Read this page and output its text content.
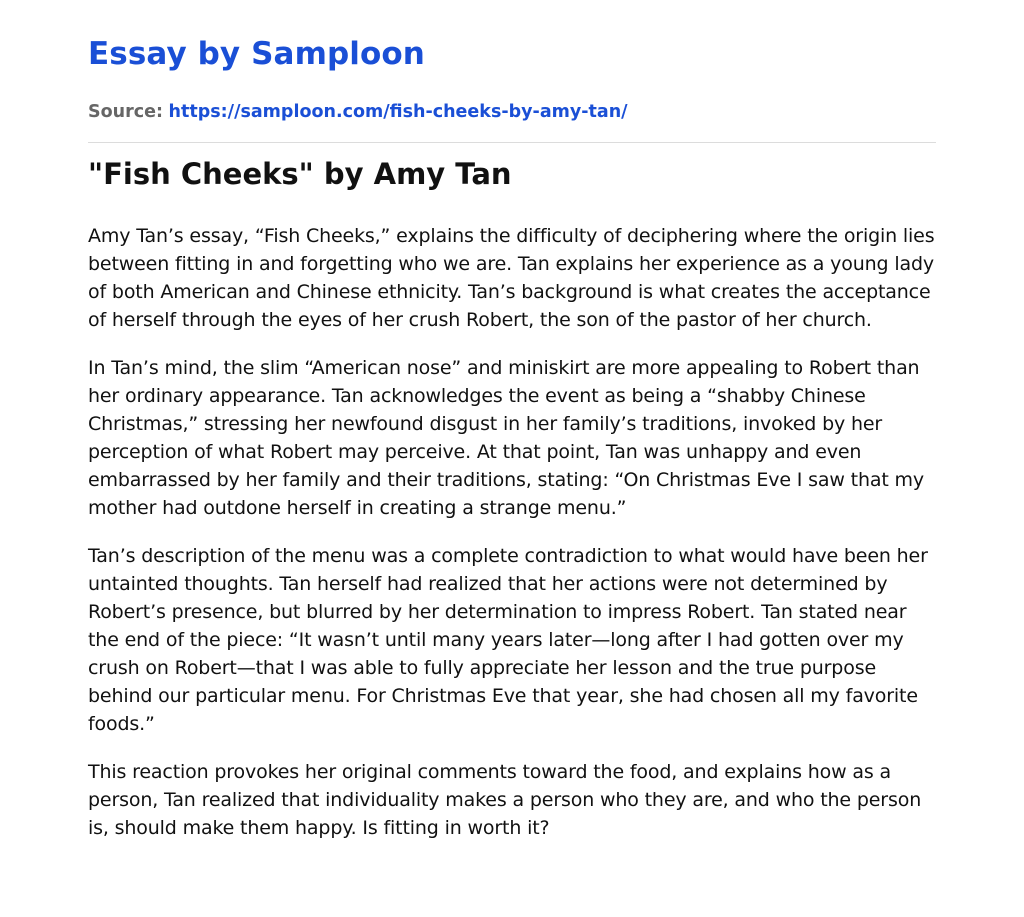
Essay by Samploon
Source: https://samploon.com/fish-cheeks-by-amy-tan/
"Fish Cheeks" by Amy Tan

Amy Tan’s essay, “Fish Cheeks,” explains the difficulty of deciphering where the origin lies between fitting in and forgetting who we are. Tan explains her experience as a young lady of both American and Chinese ethnicity. Tan’s background is what creates the acceptance of herself through the eyes of her crush Robert, the son of the pastor of her church.

In Tan’s mind, the slim “American nose” and miniskirt are more appealing to Robert than her ordinary appearance. Tan acknowledges the event as being a “shabby Chinese Christmas,” stressing her newfound disgust in her family’s traditions, invoked by her perception of what Robert may perceive. At that point, Tan was unhappy and even embarrassed by her family and their traditions, stating: “On Christmas Eve I saw that my mother had outdone herself in creating a strange menu.”

Tan’s description of the menu was a complete contradiction to what would have been her untainted thoughts. Tan herself had realized that her actions were not determined by Robert’s presence, but blurred by her determination to impress Robert. Tan stated near the end of the piece: “It wasn’t until many years later—long after I had gotten over my crush on Robert—that I was able to fully appreciate her lesson and the true purpose behind our particular menu. For Christmas Eve that year, she had chosen all my favorite foods.”

This reaction provokes her original comments toward the food, and explains how as a person, Tan realized that individuality makes a person who they are, and who the person is, should make them happy. Is fitting in worth it?
